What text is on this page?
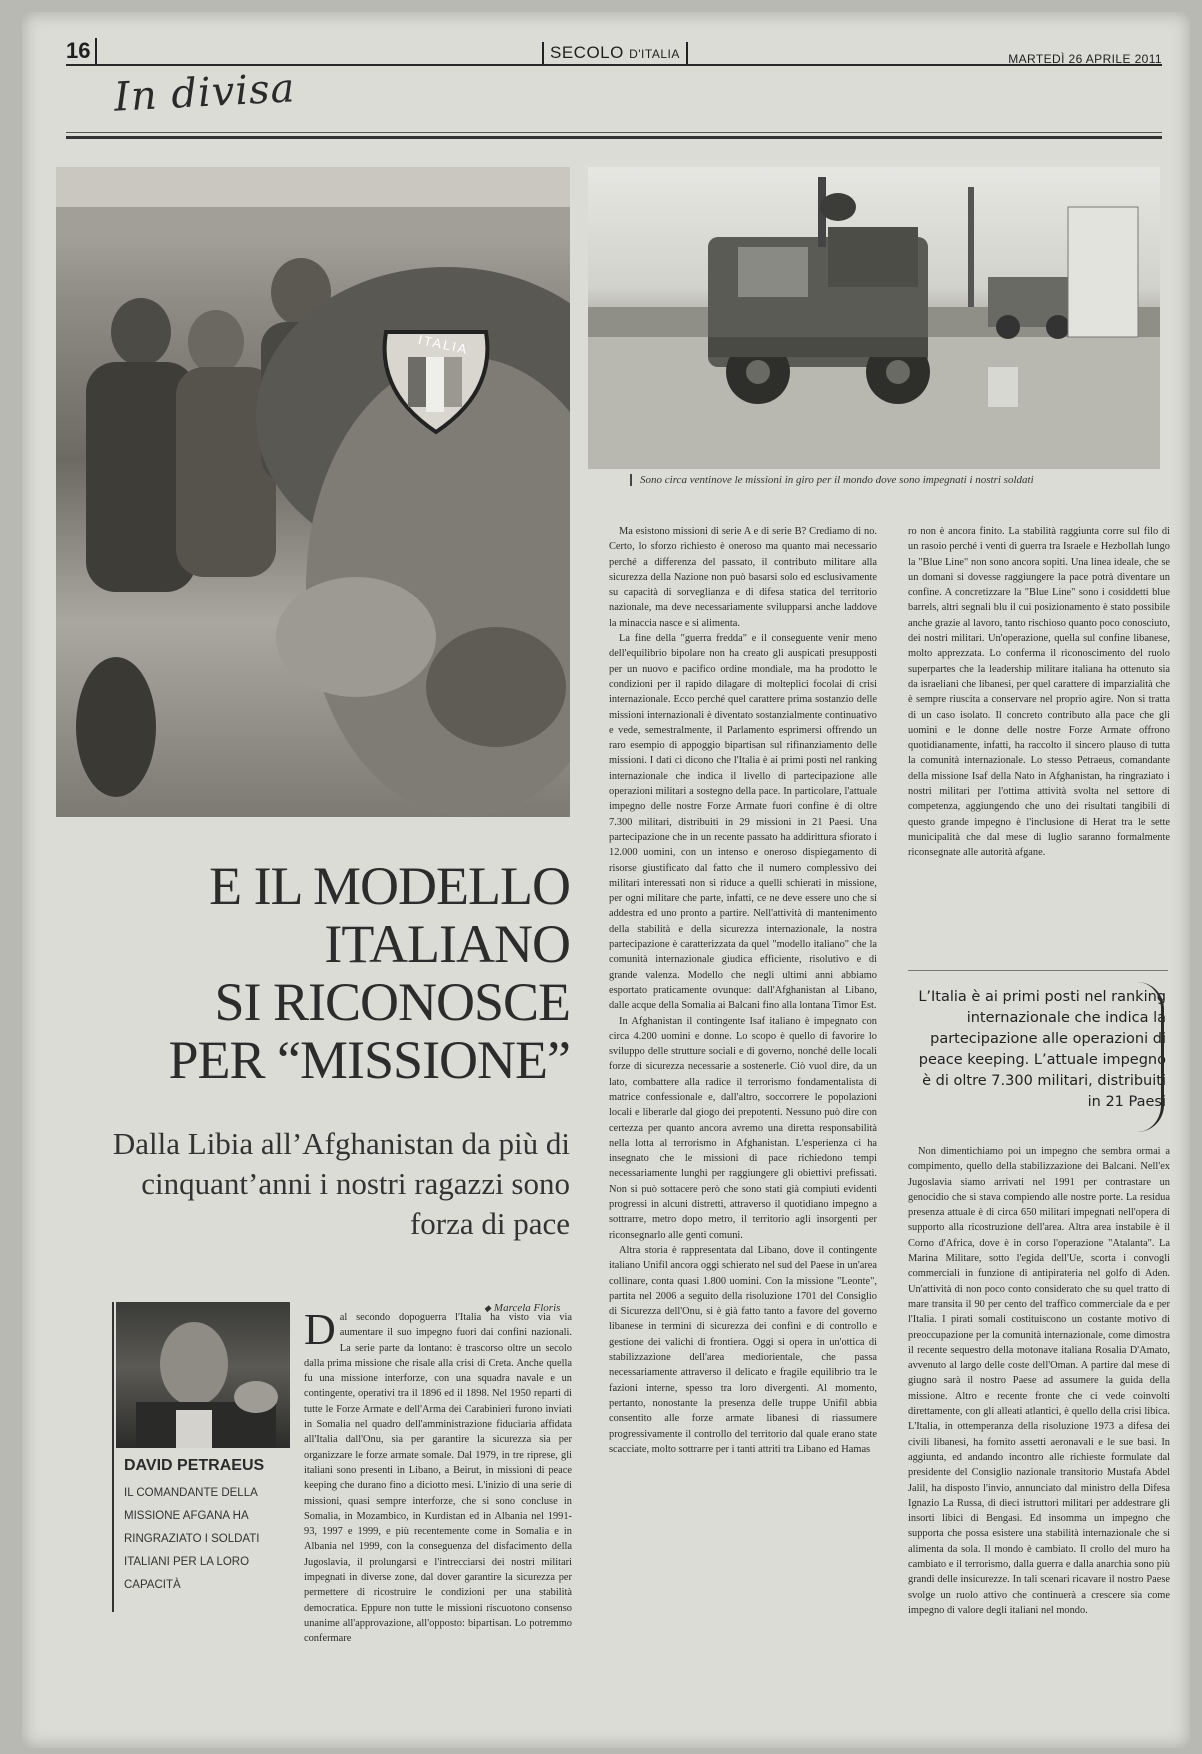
16
In divisa
SECOLO D'ITALIA	MARTEDÌ 26 APRILE 2011
ITALIA
Sono circa ventinove le missioni in giro per il mondo dove sono impegnati i nostri soldati
E IL MODELLO
ITALIANO
SI RICONOSCE
PER “MISSIONE”
Dalla Libia all’Afghanistan da più di cinquant’anni i nostri ragazzi sono forza di pace
DAVID PETRAEUS
IL COMANDANTE DELLA MISSIONE AFGANA HA RINGRAZIATO I SOLDATI ITALIANI PER LA LORO CAPACITÀ
◆ Marcela Floris

Dal secondo dopoguerra l'Italia ha visto via via aumentare il suo impegno fuori dai confini nazionali. La serie parte da lontano: è trascorso oltre un secolo dalla prima missione che risale alla crisi di Creta. Anche quella fu una missione interforze, con una squadra navale e un contingente, operativi tra il 1896 ed il 1898. Nel 1950 reparti di tutte le Forze Armate e dell'Arma dei Carabinieri furono inviati in Somalia nel quadro dell'amministrazione fiduciaria affidata all'Italia dall'Onu, sia per garantire la sicurezza sia per organizzare le forze armate somale. Dal 1979, in tre riprese, gli italiani sono presenti in Libano, a Beirut, in missioni di peace keeping che durano fino a diciotto mesi. L'inizio di una serie di missioni, quasi sempre interforze, che si sono concluse in Somalia, in Mozambico, in Kurdistan ed in Albania nel 1991-93, 1997 e 1999, e più recentemente come in Somalia e in Albania nel 1999, con la conseguenza del disfacimento della Jugoslavia, il prolungarsi e l'intrecciarsi dei nostri militari impegnati in diverse zone, dal dover garantire la sicurezza per permettere di ricostruire le condizioni per una stabilità democratica. Eppure non tutte le missioni riscuotono consenso unanime all'approvazione, all'opposto: bipartisan. Lo potremmo confermare

Ma esistono missioni di serie A e di serie B? Crediamo di no. Certo, lo sforzo richiesto è oneroso ma quanto mai necessario perché a differenza del passato, il contributo militare alla sicurezza della Nazione non può basarsi solo ed esclusivamente su capacità di sorveglianza e di difesa statica del territorio nazionale, ma deve necessariamente svilupparsi anche laddove la minaccia nasce e si alimenta.

La fine della "guerra fredda" e il conseguente venir meno dell'equilibrio bipolare non ha creato gli auspicati presupposti per un nuovo e pacifico ordine mondiale, ma ha prodotto le condizioni per il rapido dilagare di molteplici focolai di crisi internazionale. Ecco perché quel carattere prima sostanzio delle missioni internazionali è diventato sostanzialmente continuativo e vede, semestralmente, il Parlamento esprimersi offrendo un raro esempio di appoggio bipartisan sul rifinanziamento delle missioni. I dati ci dicono che l'Italia è ai primi posti nel ranking internazionale che indica il livello di partecipazione alle operazioni militari a sostegno della pace. In particolare, l'attuale impegno delle nostre Forze Armate fuori confine è di oltre 7.300 militari, distribuiti in 29 missioni in 21 Paesi. Una partecipazione che in un recente passato ha addirittura sfiorato i 12.000 uomini, con un intenso e oneroso dispiegamento di risorse giustificato dal fatto che il numero complessivo dei militari interessati non si riduce a quelli schierati in missione, per ogni militare che parte, infatti, ce ne deve essere uno che si addestra ed uno pronto a partire. Nell'attività di mantenimento della stabilità e della sicurezza internazionale, la nostra partecipazione è caratterizzata da quel "modello italiano" che la comunità internazionale giudica efficiente, risolutivo e di grande valenza. Modello che negli ultimi anni abbiamo esportato praticamente ovunque: dall'Afghanistan al Libano, dalle acque della Somalia ai Balcani fino alla lontana Timor Est.

In Afghanistan il contingente Isaf italiano è impegnato con circa 4.200 uomini e donne. Lo scopo è quello di favorire lo sviluppo delle strutture sociali e di governo, nonché delle locali forze di sicurezza necessarie a sostenerle. Ciò vuol dire, da un lato, combattere alla radice il terrorismo fondamentalista di matrice confessionale e, dall'altro, soccorrere le popolazioni locali e liberarle dal giogo dei prepotenti. Nessuno può dire con certezza per quanto ancora avremo una diretta responsabilità nella lotta al terrorismo in Afghanistan. L'esperienza ci ha insegnato che le missioni di pace richiedono tempi necessariamente lunghi per raggiungere gli obiettivi prefissati. Non si può sottacere però che sono stati già compiuti evidenti progressi in alcuni distretti, attraverso il quotidiano impegno a sottrarre, metro dopo metro, il territorio agli insorgenti per riconsegnarlo alle genti comuni.

Altra storia è rappresentata dal Libano, dove il contingente italiano Unifil ancora oggi schierato nel sud del Paese in un'area collinare, conta quasi 1.800 uomini. Con la missione "Leonte", partita nel 2006 a seguito della risoluzione 1701 del Consiglio di Sicurezza dell'Onu, si è già fatto tanto a favore del governo libanese in termini di sicurezza dei confini e di controllo e gestione dei valichi di frontiera. Oggi si opera in un'ottica di stabilizzazione dell'area mediorientale, che passa necessariamente attraverso il delicato e fragile equilibrio tra le fazioni interne, spesso tra loro divergenti. Al momento, pertanto, nonostante la presenza delle truppe Unifil abbia consentito alle forze armate libanesi di riassumere progressivamente il controllo del territorio dal quale erano state scacciate, molto sottrarre per i tanti attriti tra Libano ed Hamas

ro non è ancora finito. La stabilità raggiunta corre sul filo di un rasoio perché i venti di guerra tra Israele e Hezbollah lungo la "Blue Line" non sono ancora sopiti. Una linea ideale, che se un domani si dovesse raggiungere la pace potrà diventare un confine. A concretizzare la "Blue Line" sono i cosiddetti blue barrels, altri segnali blu il cui posizionamento è stato possibile anche grazie al lavoro, tanto rischioso quanto poco conosciuto, dei nostri militari. Un'operazione, quella sul confine libanese, molto apprezzata. Lo conferma il riconoscimento del ruolo superpartes che la leadership militare italiana ha ottenuto sia da israeliani che libanesi, per quel carattere di imparzialità che è sempre riuscita a conservare nel proprio agire. Non si tratta di un caso isolato. Il concreto contributo alla pace che gli uomini e le donne delle nostre Forze Armate offrono quotidianamente, infatti, ha raccolto il sincero plauso di tutta la comunità internazionale. Lo stesso Petraeus, comandante della missione Isaf della Nato in Afghanistan, ha ringraziato i nostri militari per l'ottima attività svolta nel settore di competenza, aggiungendo che uno dei risultati tangibili di questo grande impegno è l'inclusione di Herat tra le sette municipalità che dal mese di luglio saranno formalmente riconsegnate alle autorità afgane.

L’Italia è ai primi posti nel ranking internazionale che indica la partecipazione alle operazioni di peace keeping. L’attuale impegno è di oltre 7.300 militari, distribuiti in 21 Paesi

Non dimentichiamo poi un impegno che sembra ormai a compimento, quello della stabilizzazione dei Balcani. Nell'ex Jugoslavia siamo arrivati nel 1991 per contrastare un genocidio che si stava compiendo alle nostre porte. La residua presenza attuale è di circa 650 militari impegnati nell'opera di supporto alla ricostruzione dell'area. Altra area instabile è il Corno d'Africa, dove è in corso l'operazione "Atalanta". La Marina Militare, sotto l'egida dell'Ue, scorta i convogli commerciali in funzione di antipirateria nel golfo di Aden. Un'attività di non poco conto considerato che su quel tratto di mare transita il 90 per cento del traffico commerciale da e per l'Italia. I pirati somali costituiscono un costante motivo di preoccupazione per la comunità internazionale, come dimostra il recente sequestro della motonave italiana Rosalia D'Amato, avvenuto al largo delle coste dell'Oman. A partire dal mese di giugno sarà il nostro Paese ad assumere la guida della missione. Altro e recente fronte che ci vede coinvolti direttamente, con gli alleati atlantici, è quello della crisi libica. L'Italia, in ottemperanza della risoluzione 1973 a difesa dei civili libanesi, ha fornito assetti aeronavali e le sue basi. In aggiunta, ed andando incontro alle richieste formulate dal presidente del Consiglio nazionale transitorio Mustafa Abdel Jalil, ha disposto l'invio, annunciato dal ministro della Difesa Ignazio La Russa, di dieci istruttori militari per addestrare gli insorti libici di Bengasi. Ed insomma un impegno che supporta che possa esistere una stabilità internazionale che si alimenta da sola. Il mondo è cambiato. Il crollo del muro ha cambiato e il terrorismo, dalla guerra e dalla anarchia sono più grandi delle insicurezze. In tali scenari ricavare il nostro Paese svolge un ruolo attivo che continuerà a crescere sia come impegno di valore degli italiani nel mondo.
